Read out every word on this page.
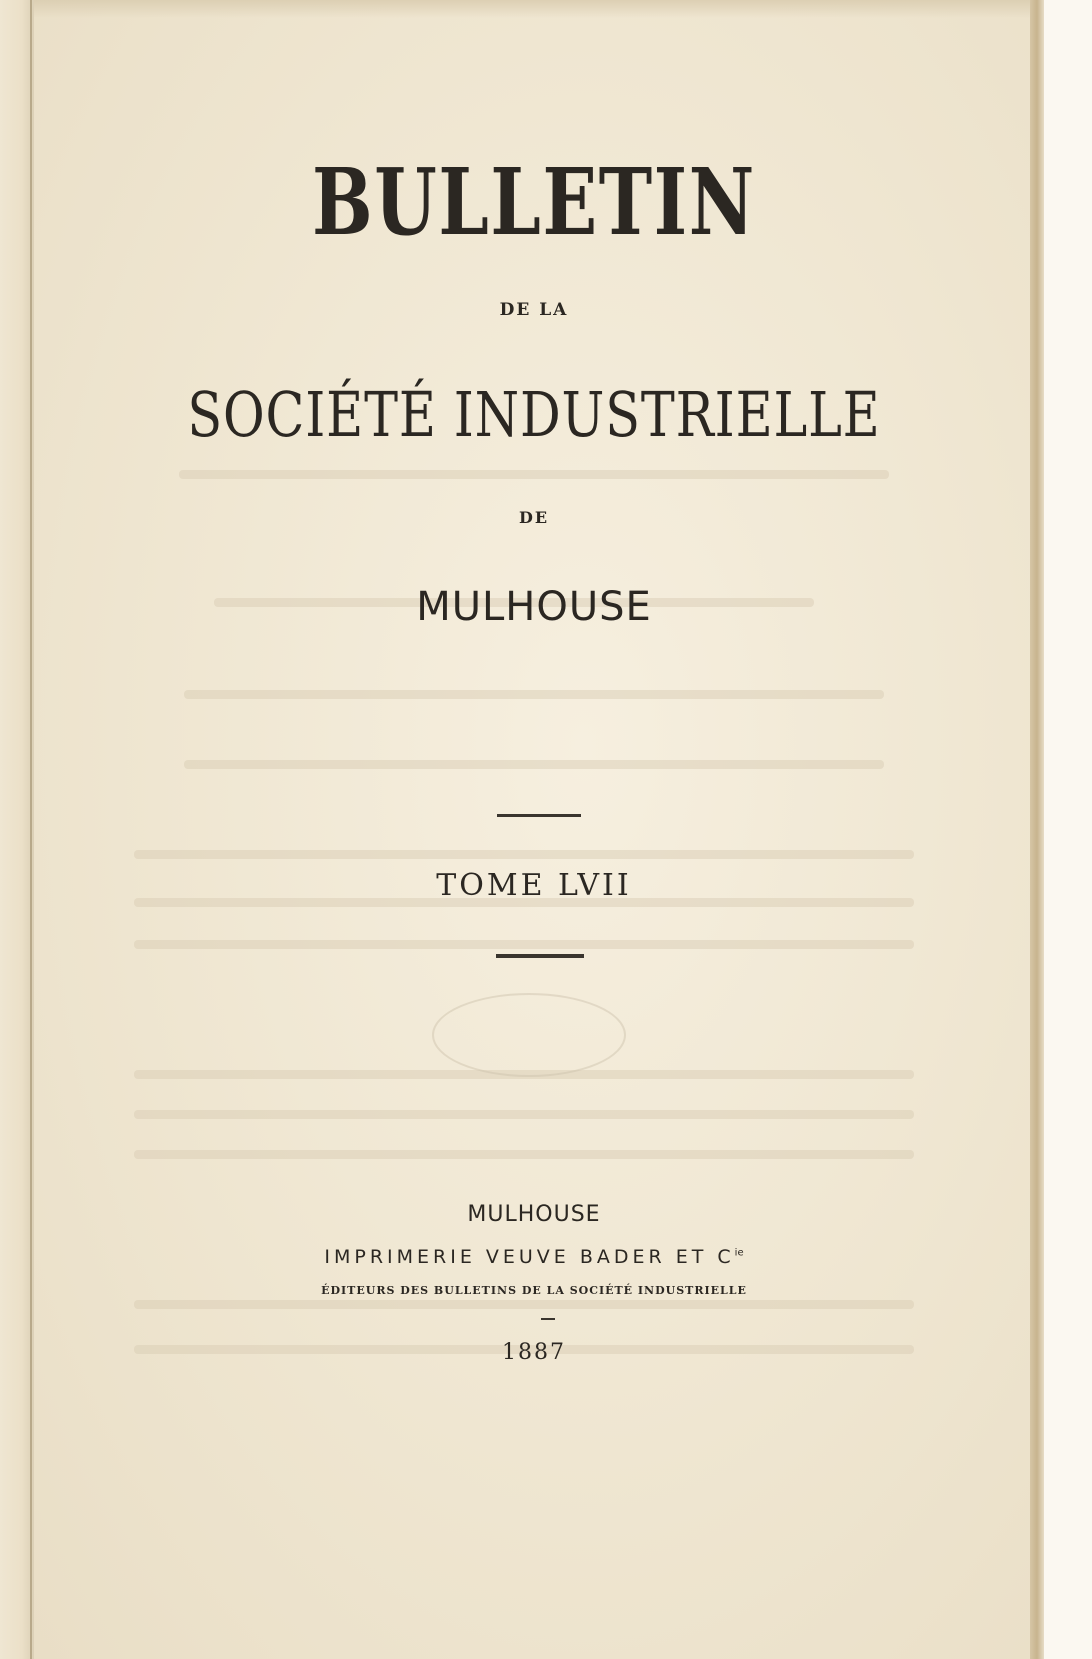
BULLETIN
DE LA
SOCIÉTÉ INDUSTRIELLE
DE
MULHOUSE
TOME LVII
MULHOUSE
IMPRIMERIE VEUVE BADER ET $C^{ie}$
ÉDITEURS DES BULLETINS DE LA SOCIÉTÉ INDUSTRIELLE
1887
